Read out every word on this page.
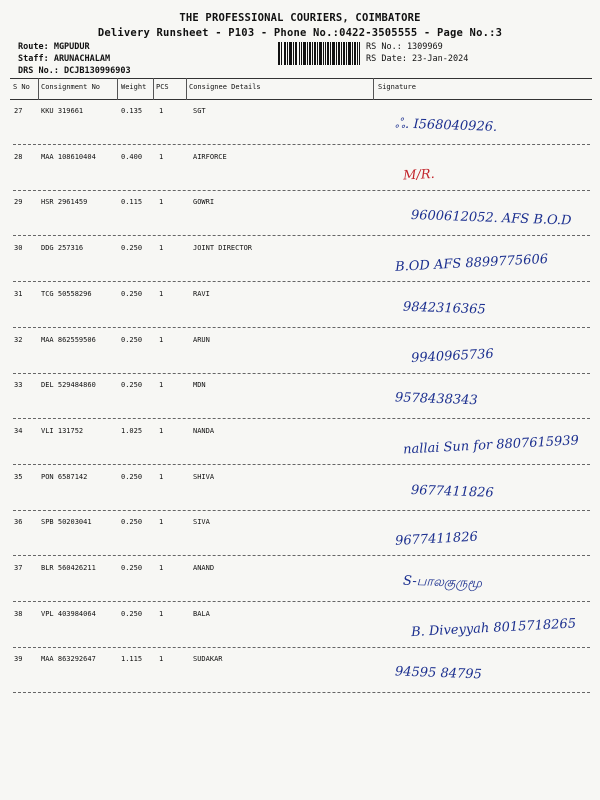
THE PROFESSIONAL COURIERS, COIMBATORE
Delivery Runsheet - P103 - Phone No.:0422-3505555 - Page No.:3
Route: MGPUDUR
Staff: ARUNACHALAM
DRS No.: DCJB130996903
RS No.: 1309969
RS Date: 23-Jan-2024
S No Consignment No	Weight PCS	Consignee Details	Signature
27	KKU 319661	0.135 1	SGT
ஃ. I568040926.
28	MAA 108610404	0.400 1	AIRFORCE
M/R.
29	HSR 2961459	0.115 1	GOWRI
9600612052. AFS B.O.D
30	DDG 257316	0.250 1	JOINT DIRECTOR
B.OD AFS 8899775606
31	TCG 50558296	0.250 1	RAVI
9842316365
32	MAA 862559506	0.250 1	ARUN
9940965736
33	DEL 529484860	0.250 1	MDN
9578438343
34	VLI 131752	1.025 1	NANDA
nallai Sun for 8807615939
35	PON 6587142	0.250 1	SHIVA
9677411826
36	SPB 50203041	0.250 1	SIVA
9677411826
37	BLR 560426211	0.250 1	ANAND
S-பாலகுருமூ
38	VPL 403984064	0.250 1	BALA
B. Diveyyah 8015718265
39	MAA 863292647	1.115 1	SUDAKAR
94595 84795
